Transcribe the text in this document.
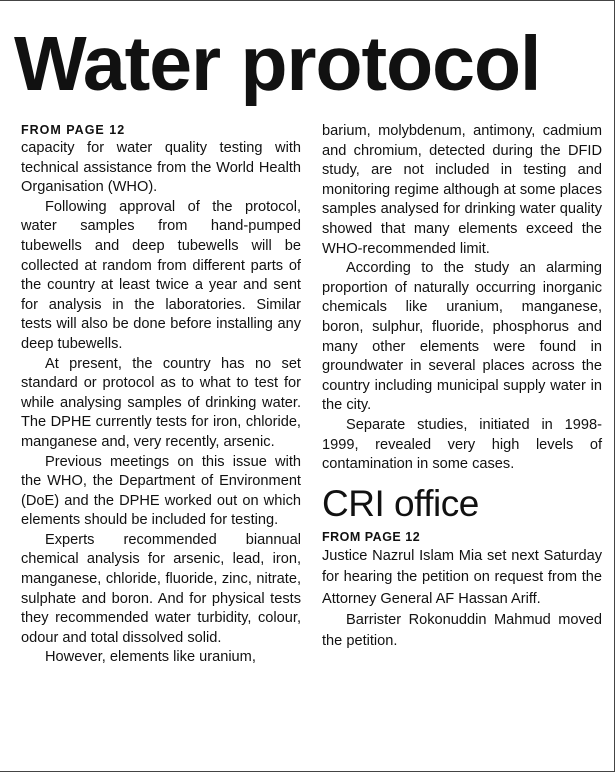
Water protocol
FROM PAGE 12

capacity for water quality testing with technical assistance from the World Health Organisation (WHO).

Following approval of the protocol, water samples from hand-pumped tubewells and deep tubewells will be collected at random from different parts of the country at least twice a year and sent for analysis in the laboratories. Similar tests will also be done before installing any deep tubewells.

At present, the country has no set standard or protocol as to what to test for while analysing samples of drinking water. The DPHE currently tests for iron, chloride, manganese and, very recently, arsenic.

Previous meetings on this issue with the WHO, the Department of Environment (DoE) and the DPHE worked out on which elements should be included for testing.

Experts recommended biannual chemical analysis for arsenic, lead, iron, manganese, chloride, fluoride, zinc, nitrate, sulphate and boron. And for physical tests they recommended water turbidity, colour, odour and total dissolved solid.

However, elements like uranium,

barium, molybdenum, antimony, cadmium and chromium, detected during the DFID study, are not included in testing and monitoring regime although at some places samples analysed for drinking water quality showed that many elements exceed the WHO-recommended limit.

According to the study an alarming proportion of naturally occurring inorganic chemicals like uranium, manganese, boron, sulphur, fluoride, phosphorus and many other elements were found in groundwater in several places across the country including municipal supply water in the city.

Separate studies, initiated in 1998-1999, revealed very high levels of contamination in some cases.

CRI office
FROM PAGE 12

Justice Nazrul Islam Mia set next Saturday for hearing the petition on request from the Attorney General AF Hassan Ariff.

Barrister Rokonuddin Mahmud moved the petition.
